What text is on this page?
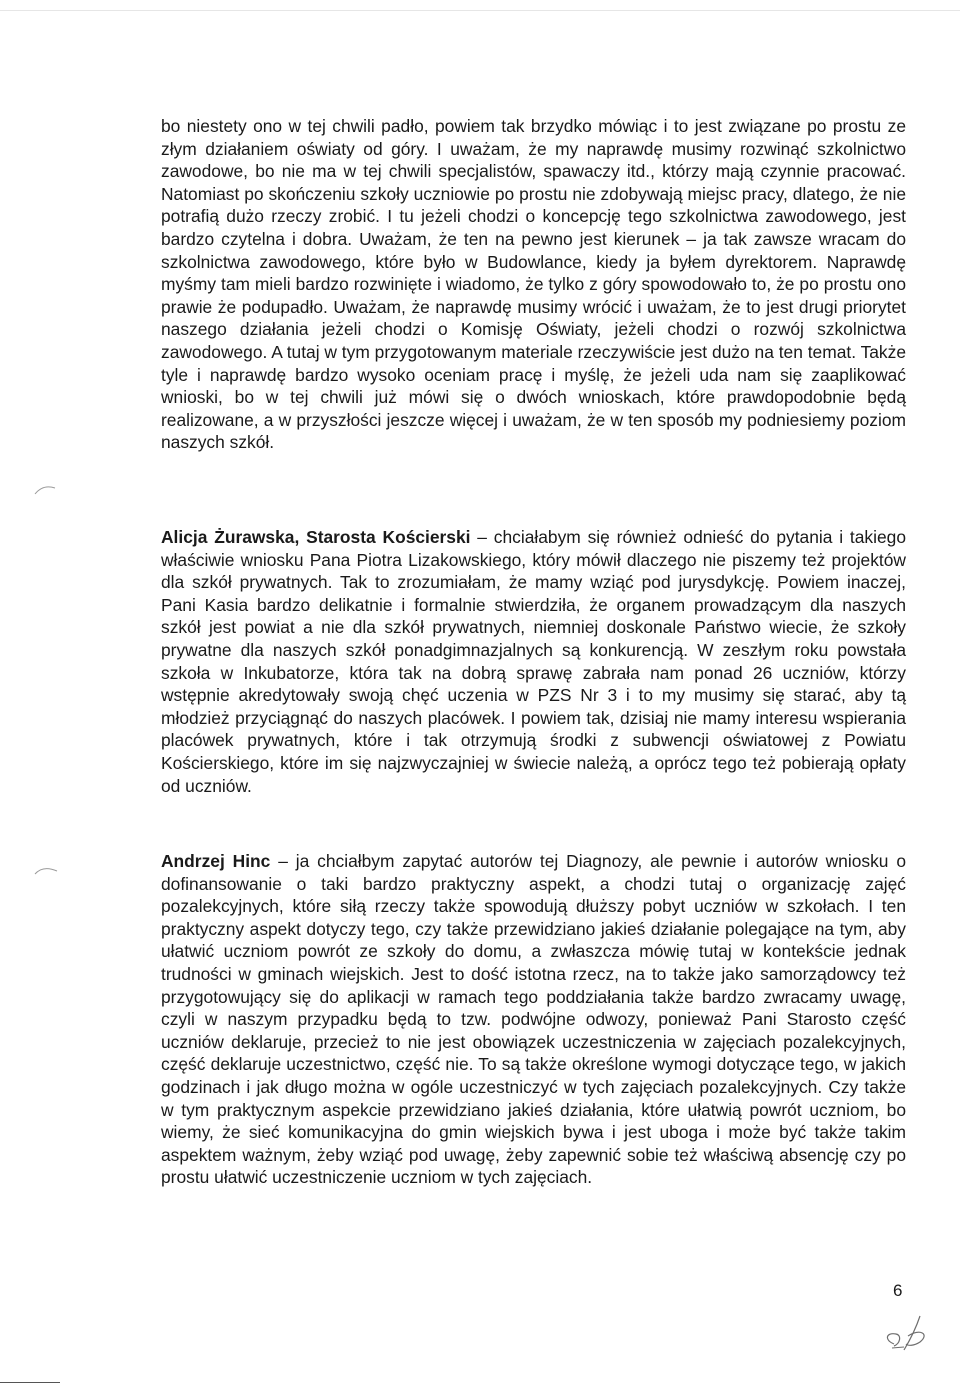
bo niestety ono w tej chwili padło, powiem tak brzydko mówiąc i to jest związane po prostu ze złym działaniem oświaty od góry. I uważam, że my naprawdę musimy rozwinąć szkolnictwo zawodowe, bo nie ma w tej chwili specjalistów, spawaczy itd., którzy mają czynnie pracować. Natomiast po skończeniu szkoły uczniowie po prostu nie zdobywają miejsc pracy, dlatego, że nie potrafią dużo rzeczy zrobić. I tu jeżeli chodzi o koncepcję tego szkolnictwa zawodowego, jest bardzo czytelna i dobra. Uważam, że ten na pewno jest kierunek – ja tak zawsze wracam do szkolnictwa zawodowego, które było w Budowlance, kiedy ja byłem dyrektorem. Naprawdę myśmy tam mieli bardzo rozwinięte i wiadomo, że tylko z góry spowodowało to, że po prostu ono prawie że podupadło. Uważam, że naprawdę musimy wrócić i uważam, że to jest drugi priorytet naszego działania jeżeli chodzi o Komisję Oświaty, jeżeli chodzi o rozwój szkolnictwa zawodowego. A tutaj w tym przygotowanym materiale rzeczywiście jest dużo na ten temat. Także tyle i naprawdę bardzo wysoko oceniam pracę i myślę, że jeżeli uda nam się zaaplikować wnioski, bo w tej chwili już mówi się o dwóch wnioskach, które prawdopodobnie będą realizowane, a w przyszłości jeszcze więcej i uważam, że w ten sposób my podniesiemy poziom naszych szkół.

Alicja Żurawska, Starosta Kościerski – chciałabym się również odnieść do pytania i takiego właściwie wniosku Pana Piotra Lizakowskiego, który mówił dlaczego nie piszemy też projektów dla szkół prywatnych. Tak to zrozumiałam, że mamy wziąć pod jurysdykcję. Powiem inaczej, Pani Kasia bardzo delikatnie i formalnie stwierdziła, że organem prowadzącym dla naszych szkół jest powiat a nie dla szkół prywatnych, niemniej doskonale Państwo wiecie, że szkoły prywatne dla naszych szkół ponadgimnazjalnych są konkurencją. W zeszłym roku powstała szkoła w Inkubatorze, która tak na dobrą sprawę zabrała nam ponad 26 uczniów, którzy wstępnie akredytowały swoją chęć uczenia w PZS Nr 3 i to my musimy się starać, aby tą młodzież przyciągnąć do naszych placówek. I powiem tak, dzisiaj nie mamy interesu wspierania placówek prywatnych, które i tak otrzymują środki z subwencji oświatowej z Powiatu Kościerskiego, które im się najzwyczajniej w świecie należą, a oprócz tego też pobierają opłaty od uczniów.

Andrzej Hinc – ja chciałbym zapytać autorów tej Diagnozy, ale pewnie i autorów wniosku o dofinansowanie o taki bardzo praktyczny aspekt, a chodzi tutaj o organizację zajęć pozalekcyjnych, które siłą rzeczy także spowodują dłuższy pobyt uczniów w szkołach. I ten praktyczny aspekt dotyczy tego, czy także przewidziano jakieś działanie polegające na tym, aby ułatwić uczniom powrót ze szkoły do domu, a zwłaszcza mówię tutaj w kontekście jednak trudności w gminach wiejskich. Jest to dość istotna rzecz, na to także jako samorządowcy też przygotowujący się do aplikacji w ramach tego poddziałania także bardzo zwracamy uwagę, czyli w naszym przypadku będą to tzw. podwójne odwozy, ponieważ Pani Starosto część uczniów deklaruje, przecież to nie jest obowiązek uczestniczenia w zajęciach pozalekcyjnych, część deklaruje uczestnictwo, część nie. To są także określone wymogi dotyczące tego, w jakich godzinach i jak długo można w ogóle uczestniczyć w tych zajęciach pozalekcyjnych. Czy także w tym praktycznym aspekcie przewidziano jakieś działania, które ułatwią powrót uczniom, bo wiemy, że sieć komunikacyjna do gmin wiejskich bywa i jest uboga i może być także takim aspektem ważnym, żeby wziąć pod uwagę, żeby zapewnić sobie też właściwą absencję czy po prostu ułatwić uczestniczenie uczniom w tych zajęciach.

6
